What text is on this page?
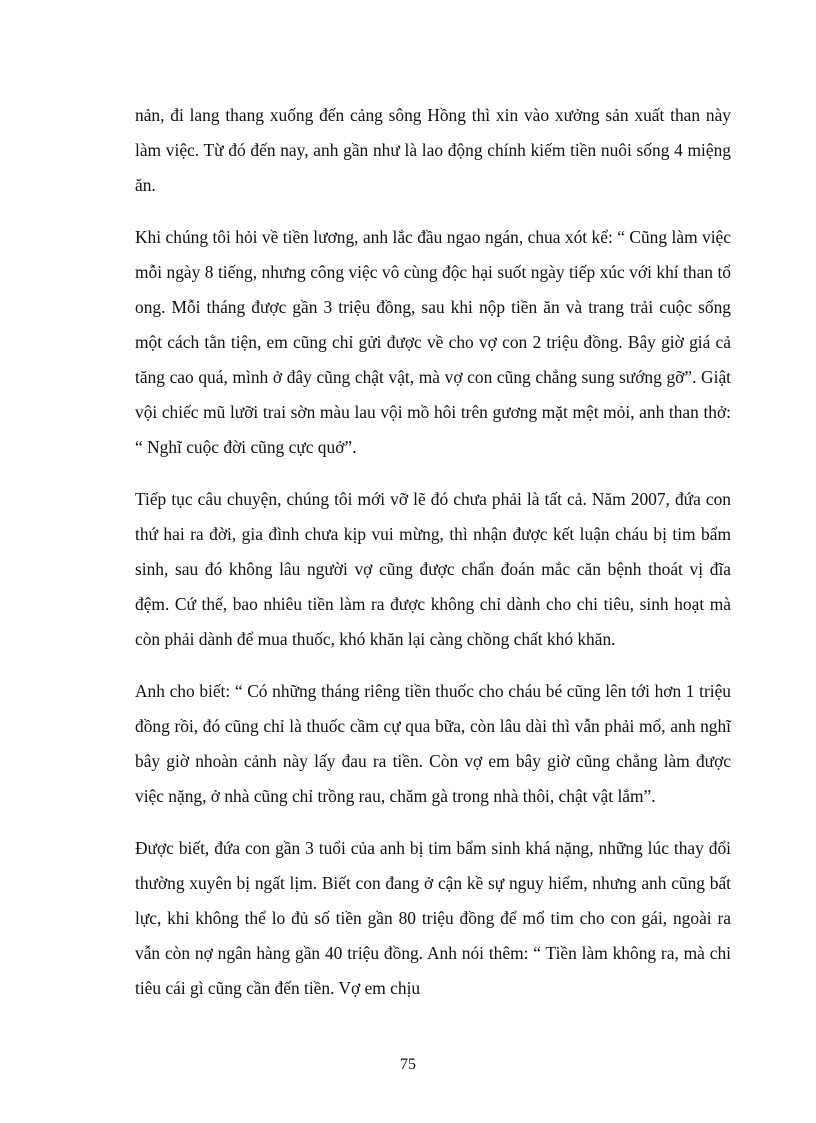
nản, đi lang thang xuống đến cảng sông Hồng thì xin vào xưởng sản xuất than này làm việc. Từ đó đến nay, anh gần như là lao động chính kiếm tiền nuôi sống 4 miệng ăn.

Khi chúng tôi hỏi về tiền lương, anh lắc đầu ngao ngán, chua xót kể: “ Cũng làm việc mỗi ngày 8 tiếng, nhưng công việc vô cùng độc hại suốt ngày tiếp xúc với khí than tổ ong. Mỗi tháng được gần 3 triệu đồng, sau khi nộp tiền ăn và trang trải cuộc sống một cách tằn tiện, em cũng chỉ gửi được về cho vợ con 2 triệu đồng. Bây giờ giá cả tăng cao quá, mình ở đây cũng chật vật, mà vợ con cũng chẳng sung sướng gỡ”. Giật vội chiếc mũ lưỡi trai sờn màu lau vội mồ hôi trên gương mặt mệt mỏi, anh than thở: “ Nghĩ cuộc đời cũng cực quở”.

Tiếp tục câu chuyện, chúng tôi mới vỡ lẽ đó chưa phải là tất cả. Năm 2007, đứa con thứ hai ra đời, gia đình chưa kịp vui mừng, thì nhận được kết luận cháu bị tim bẩm sinh, sau đó không lâu người vợ cũng được chẩn đoán mắc căn bệnh thoát vị đĩa đệm. Cứ thế, bao nhiêu tiền làm ra được không chỉ dành cho chi tiêu, sinh hoạt mà còn phải dành để mua thuốc, khó khăn lại càng chồng chất khó khăn.

Anh cho biết: “ Có những tháng riêng tiền thuốc cho cháu bé cũng lên tới hơn 1 triệu đồng rồi, đó cũng chỉ là thuốc cầm cự qua bữa, còn lâu dài thì vẫn phải mổ, anh nghĩ bây giờ nhoàn cảnh này lấy đau ra tiền. Còn vợ em bây giờ cũng chẳng làm được việc nặng, ở nhà cũng chỉ trồng rau, chăm gà trong nhà thôi, chật vật lắm”.

Được biết, đứa con gần 3 tuổi của anh bị tim bẩm sinh khá nặng, những lúc thay đổi thường xuyên bị ngất lịm. Biết con đang ở cận kề sự nguy hiểm, nhưng anh cũng bất lực, khi không thể lo đủ số tiền gần 80 triệu đồng để mổ tim cho con gái, ngoài ra vẫn còn nợ ngân hàng gần 40 triệu đồng. Anh nói thêm: “ Tiền làm không ra, mà chi tiêu cái gì cũng cần đến tiền. Vợ em chịu

75
